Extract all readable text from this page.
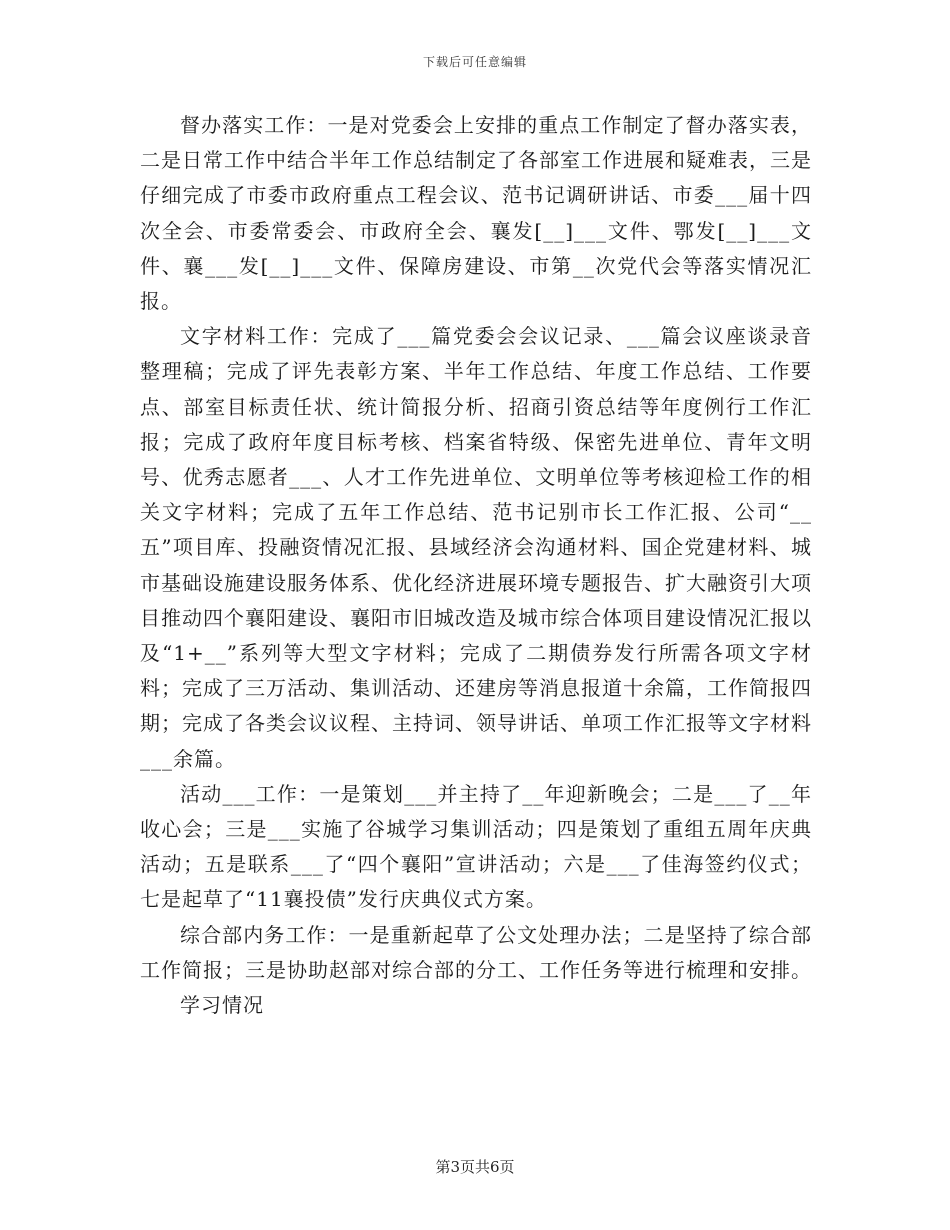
下载后可任意编辑

督办落实工作：一是对党委会上安排的重点工作制定了督办落实表，二是日常工作中结合半年工作总结制定了各部室工作进展和疑难表，三是仔细完成了市委市政府重点工程会议、范书记调研讲话、市委___届十四次全会、市委常委会、市政府全会、襄发[__]___文件、鄂发[__]___文件、襄___发[__]___文件、保障房建设、市第__次党代会等落实情况汇报。

文字材料工作：完成了___篇党委会会议记录、___篇会议座谈录音整理稿；完成了评先表彰方案、半年工作总结、年度工作总结、工作要点、部室目标责任状、统计简报分析、招商引资总结等年度例行工作汇报；完成了政府年度目标考核、档案省特级、保密先进单位、青年文明号、优秀志愿者___、人才工作先进单位、文明单位等考核迎检工作的相关文字材料；完成了五年工作总结、范书记别市长工作汇报、公司“__五”项目库、投融资情况汇报、县域经济会沟通材料、国企党建材料、城市基础设施建设服务体系、优化经济进展环境专题报告、扩大融资引大项目推动四个襄阳建设、襄阳市旧城改造及城市综合体项目建设情况汇报以及“1+__”系列等大型文字材料；完成了二期债券发行所需各项文字材料；完成了三万活动、集训活动、还建房等消息报道十余篇，工作简报四期；完成了各类会议议程、主持词、领导讲话、单项工作汇报等文字材料___余篇。

活动___工作：一是策划___并主持了__年迎新晚会；二是___了__年收心会；三是___实施了谷城学习集训活动；四是策划了重组五周年庆典活动；五是联系___了“四个襄阳”宣讲活动；六是___了佳海签约仪式；七是起草了“11襄投债”发行庆典仪式方案。

综合部内务工作：一是重新起草了公文处理办法；二是坚持了综合部工作简报；三是协助赵部对综合部的分工、工作任务等进行梳理和安排。

学习情况

第3页共6页
